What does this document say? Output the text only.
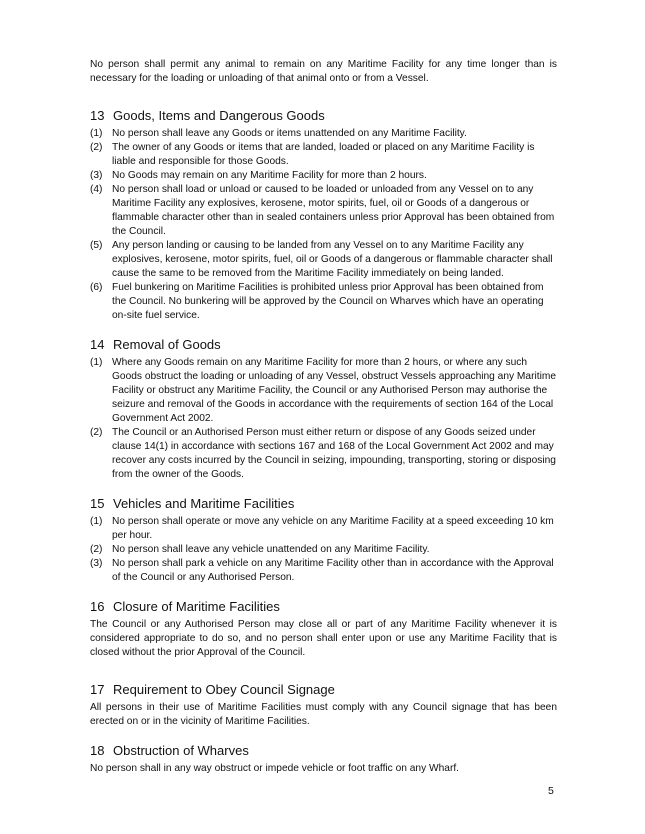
No person shall permit any animal to remain on any Maritime Facility for any time longer than is necessary for the loading or unloading of that animal onto or from a Vessel.

13 Goods, Items and Dangerous Goods
(1) No person shall leave any Goods or items unattended on any Maritime Facility.
(2) The owner of any Goods or items that are landed, loaded or placed on any Maritime Facility is liable and responsible for those Goods.
(3) No Goods may remain on any Maritime Facility for more than 2 hours.
(4) No person shall load or unload or caused to be loaded or unloaded from any Vessel on to any Maritime Facility any explosives, kerosene, motor spirits, fuel, oil or Goods of a dangerous or flammable character other than in sealed containers unless prior Approval has been obtained from the Council.
(5) Any person landing or causing to be landed from any Vessel on to any Maritime Facility any explosives, kerosene, motor spirits, fuel, oil or Goods of a dangerous or flammable character shall cause the same to be removed from the Maritime Facility immediately on being landed.
(6) Fuel bunkering on Maritime Facilities is prohibited unless prior Approval has been obtained from the Council. No bunkering will be approved by the Council on Wharves which have an operating on-site fuel service.
14 Removal of Goods
(1) Where any Goods remain on any Maritime Facility for more than 2 hours, or where any such Goods obstruct the loading or unloading of any Vessel, obstruct Vessels approaching any Maritime Facility or obstruct any Maritime Facility, the Council or any Authorised Person may authorise the seizure and removal of the Goods in accordance with the requirements of section 164 of the Local Government Act 2002.
(2) The Council or an Authorised Person must either return or dispose of any Goods seized under clause 14(1) in accordance with sections 167 and 168 of the Local Government Act 2002 and may recover any costs incurred by the Council in seizing, impounding, transporting, storing or disposing from the owner of the Goods.
15 Vehicles and Maritime Facilities
(1) No person shall operate or move any vehicle on any Maritime Facility at a speed exceeding 10 km per hour.
(2) No person shall leave any vehicle unattended on any Maritime Facility.
(3) No person shall park a vehicle on any Maritime Facility other than in accordance with the Approval of the Council or any Authorised Person.
16 Closure of Maritime Facilities

The Council or any Authorised Person may close all or part of any Maritime Facility whenever it is considered appropriate to do so, and no person shall enter upon or use any Maritime Facility that is closed without the prior Approval of the Council.

17 Requirement to Obey Council Signage

All persons in their use of Maritime Facilities must comply with any Council signage that has been erected on or in the vicinity of Maritime Facilities.

18 Obstruction of Wharves

No person shall in any way obstruct or impede vehicle or foot traffic on any Wharf.

5
